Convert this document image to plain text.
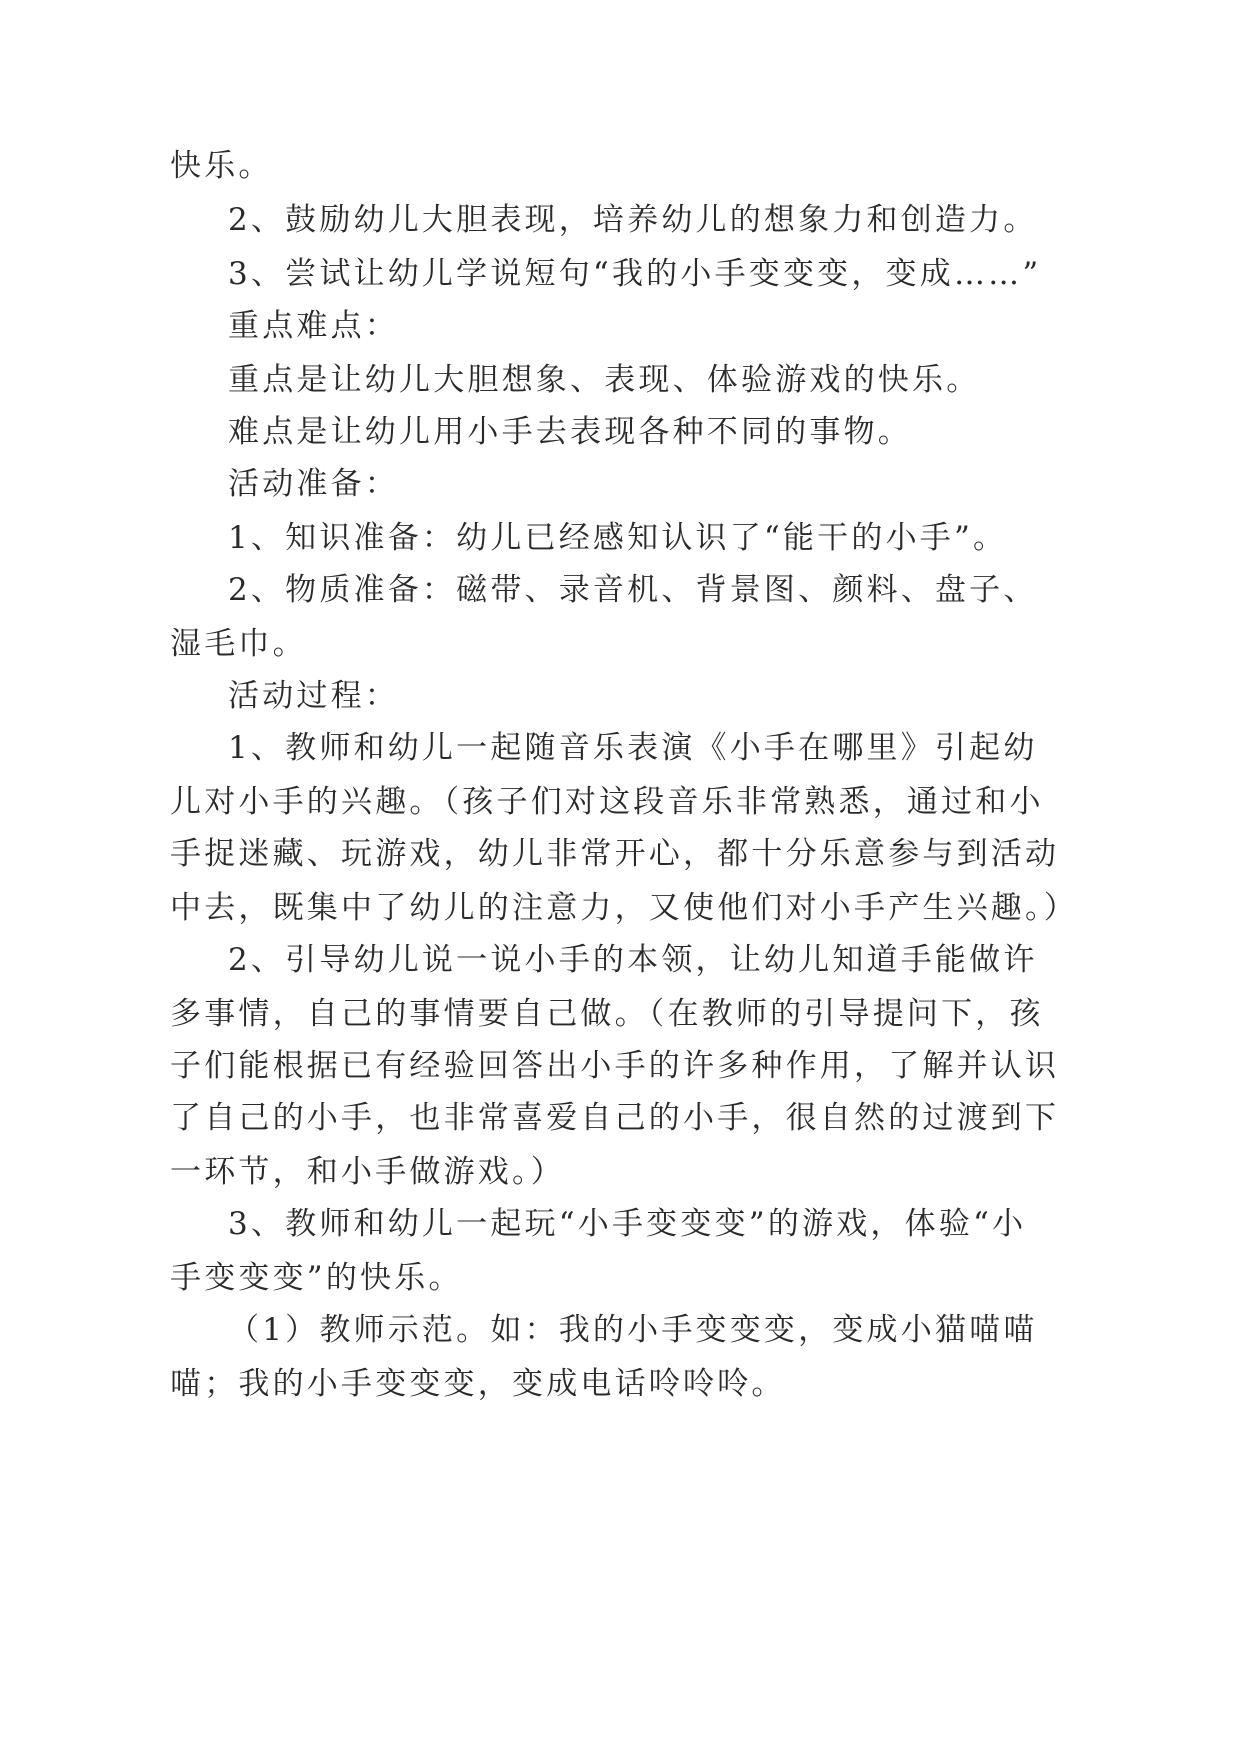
快乐。
2、鼓励幼儿大胆表现，培养幼儿的想象力和创造力。
3、尝试让幼儿学说短句“我的小手变变变，变成……”
重点难点：
重点是让幼儿大胆想象、表现、体验游戏的快乐。
难点是让幼儿用小手去表现各种不同的事物。
活动准备：
1、知识准备：幼儿已经感知认识了“能干的小手”。
2、物质准备：磁带、录音机、背景图、颜料、盘子、
湿毛巾。
活动过程：
1、教师和幼儿一起随音乐表演《小手在哪里》引起幼
儿对小手的兴趣。（孩子们对这段音乐非常熟悉，通过和小
手捉迷藏、玩游戏，幼儿非常开心，都十分乐意参与到活动
中去，既集中了幼儿的注意力，又使他们对小手产生兴趣。）
2、引导幼儿说一说小手的本领，让幼儿知道手能做许
多事情，自己的事情要自己做。（在教师的引导提问下，孩
子们能根据已有经验回答出小手的许多种作用，了解并认识
了自己的小手，也非常喜爱自己的小手，很自然的过渡到下
一环节，和小手做游戏。）
3、教师和幼儿一起玩“小手变变变”的游戏，体验“小
手变变变”的快乐。
（1）教师示范。如：我的小手变变变，变成小猫喵喵
喵；我的小手变变变，变成电话呤呤呤。
